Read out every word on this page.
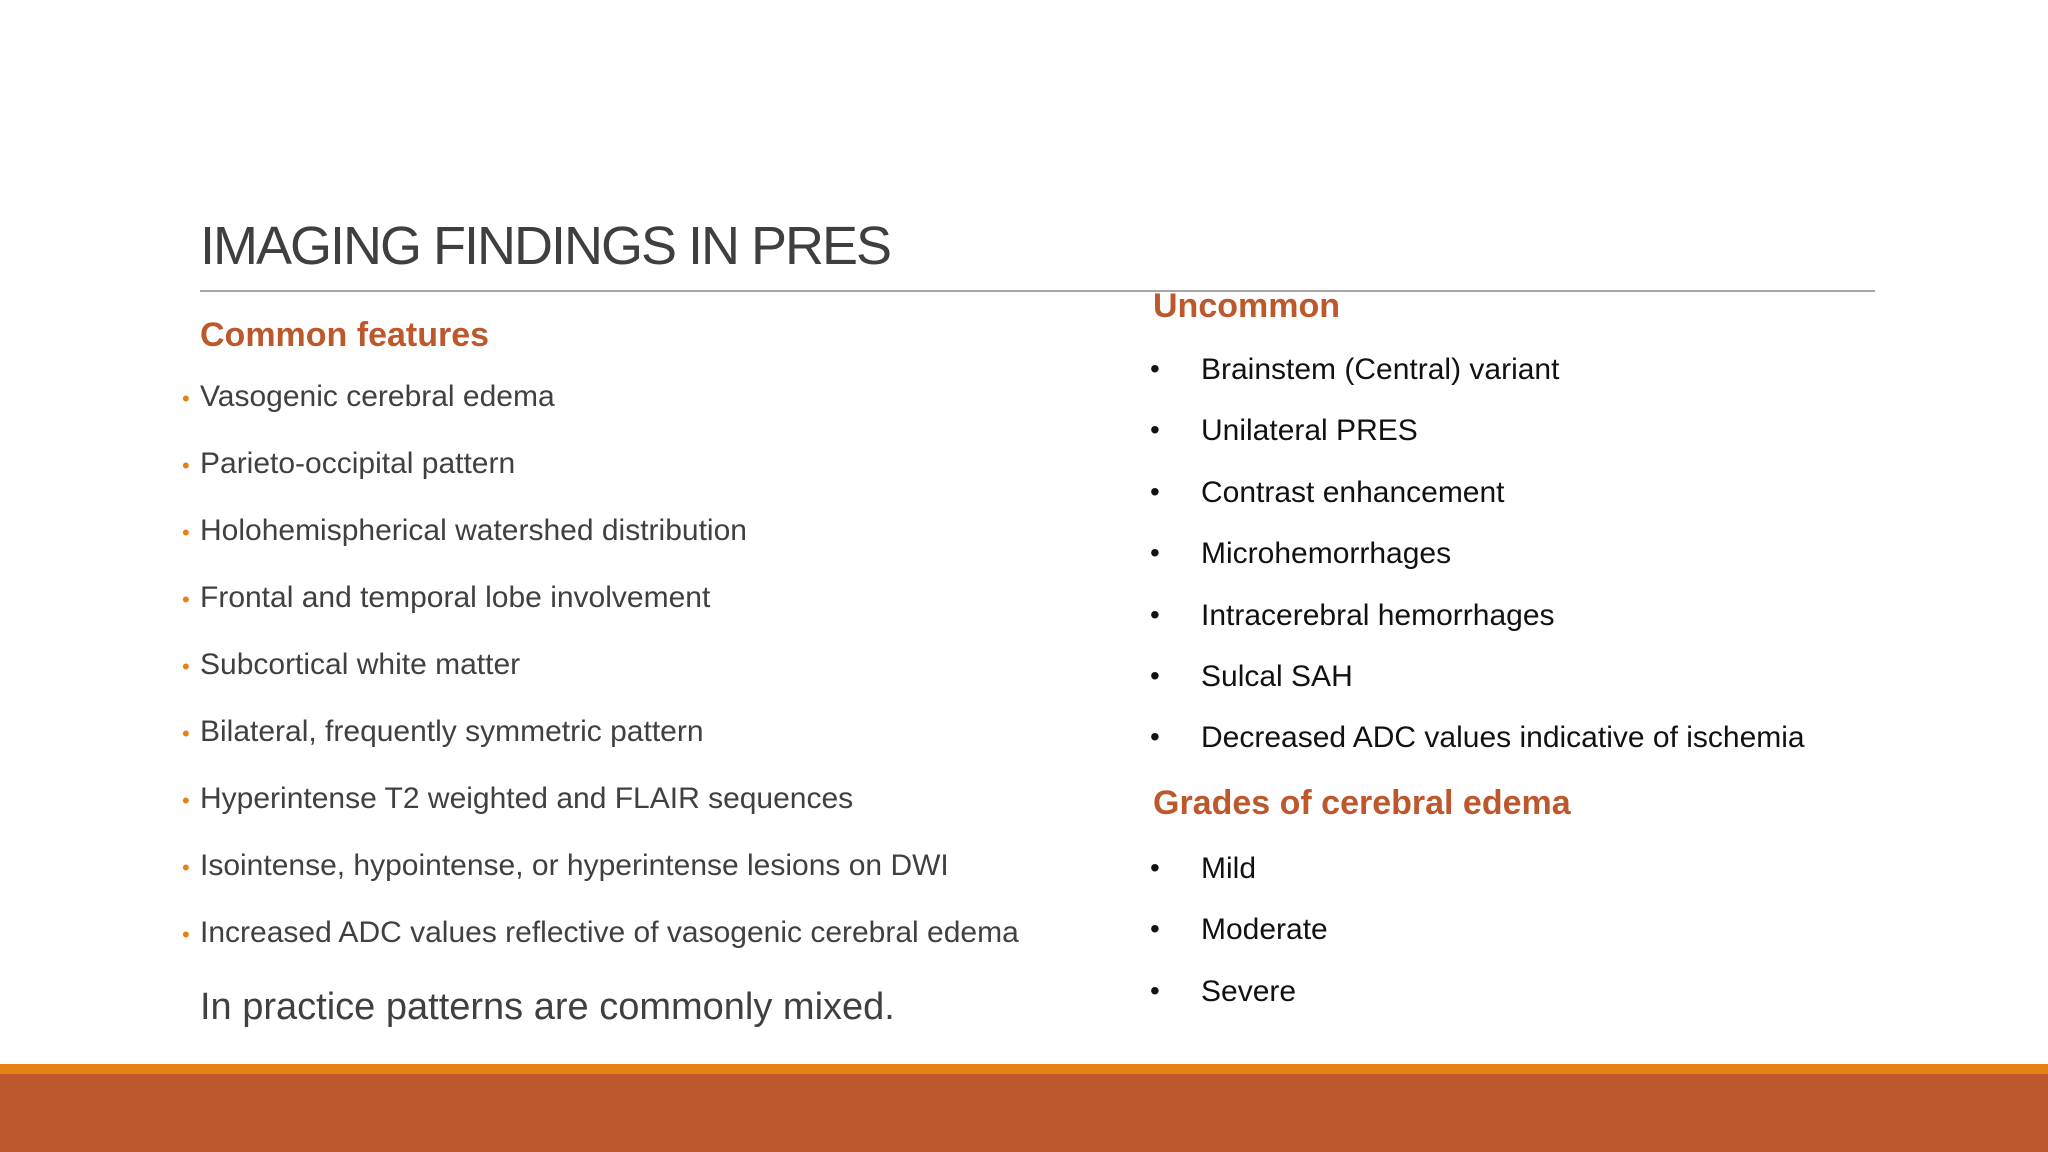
IMAGING FINDINGS IN PRES
Common features
• Vasogenic cerebral edema
• Parieto-occipital pattern
• Holohemispherical watershed distribution
• Frontal and temporal lobe involvement
• Subcortical white matter
• Bilateral, frequently symmetric pattern
• Hyperintense T2 weighted and FLAIR sequences
• Isointense, hypointense, or hyperintense lesions on DWI
• Increased ADC values reflective of vasogenic cerebral edema
In practice patterns are commonly mixed.
Uncommon
•	Brainstem (Central) variant
•	Unilateral PRES
•	Contrast enhancement
•	Microhemorrhages
•	Intracerebral hemorrhages
•	Sulcal SAH
•	Decreased ADC values indicative of ischemia
Grades of cerebral edema
•	Mild
•	Moderate
•	Severe
